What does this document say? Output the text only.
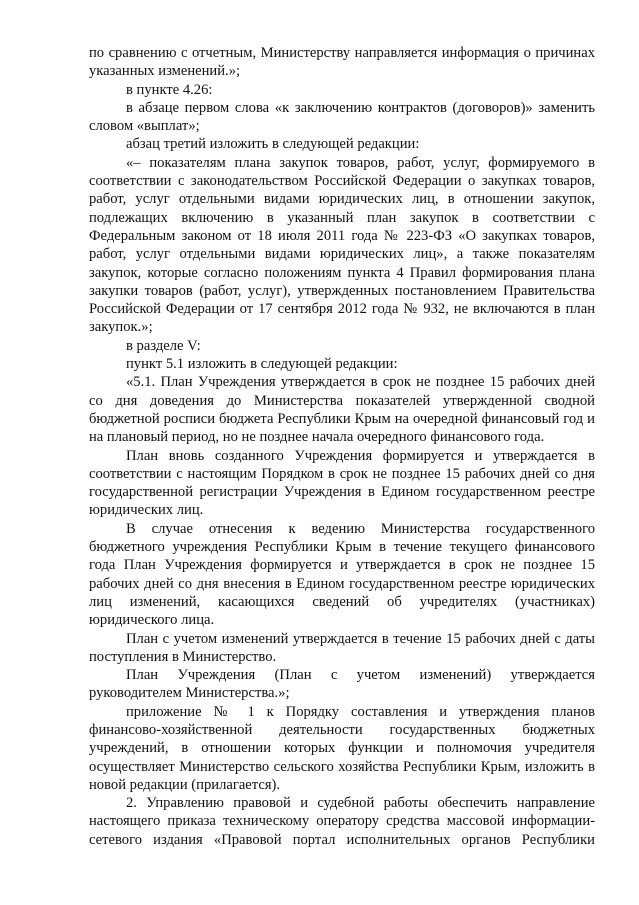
по сравнению с отчетным, Министерству направляется информация о причинах указанных изменений.»;

в пункте 4.26:

в абзаце первом слова «к заключению контрактов (договоров)» заменить словом «выплат»;

абзац третий изложить в следующей редакции:

«– показателям плана закупок товаров, работ, услуг, формируемого в соответствии с законодательством Российской Федерации о закупках товаров, работ, услуг отдельными видами юридических лиц, в отношении закупок, подлежащих включению в указанный план закупок в соответствии с Федеральным законом от 18 июля 2011 года № 223-ФЗ «О закупках товаров, работ, услуг отдельными видами юридических лиц», а также показателям закупок, которые согласно положениям пункта 4 Правил формирования плана закупки товаров (работ, услуг), утвержденных постановлением Правительства Российской Федерации от 17 сентября 2012 года № 932, не включаются в план закупок.»;

в разделе V:

пункт 5.1 изложить в следующей редакции:

«5.1. План Учреждения утверждается в срок не позднее 15 рабочих дней со дня доведения до Министерства показателей утвержденной сводной бюджетной росписи бюджета Республики Крым на очередной финансовый год и на плановый период, но не позднее начала очередного финансового года.

План вновь созданного Учреждения формируется и утверждается в соответствии с настоящим Порядком в срок не позднее 15 рабочих дней со дня государственной регистрации Учреждения в Едином государственном реестре юридических лиц.

В случае отнесения к ведению Министерства государственного бюджетного учреждения Республики Крым в течение текущего финансового года План Учреждения формируется и утверждается в срок не позднее 15 рабочих дней со дня внесения в Едином государственном реестре юридических лиц изменений, касающихся сведений об учредителях (участниках) юридического лица.

План с учетом изменений утверждается в течение 15 рабочих дней с даты поступления в Министерство.

План Учреждения (План с учетом изменений) утверждается руководителем Министерства.»;

приложение № 1 к Порядку составления и утверждения планов финансово-хозяйственной деятельности государственных бюджетных учреждений, в отношении которых функции и полномочия учредителя осуществляет Министерство сельского хозяйства Республики Крым, изложить в новой редакции (прилагается).

2. Управлению правовой и судебной работы обеспечить направление настоящего приказа техническому оператору средства массовой информации-сетевого издания «Правовой портал исполнительных органов Республики
